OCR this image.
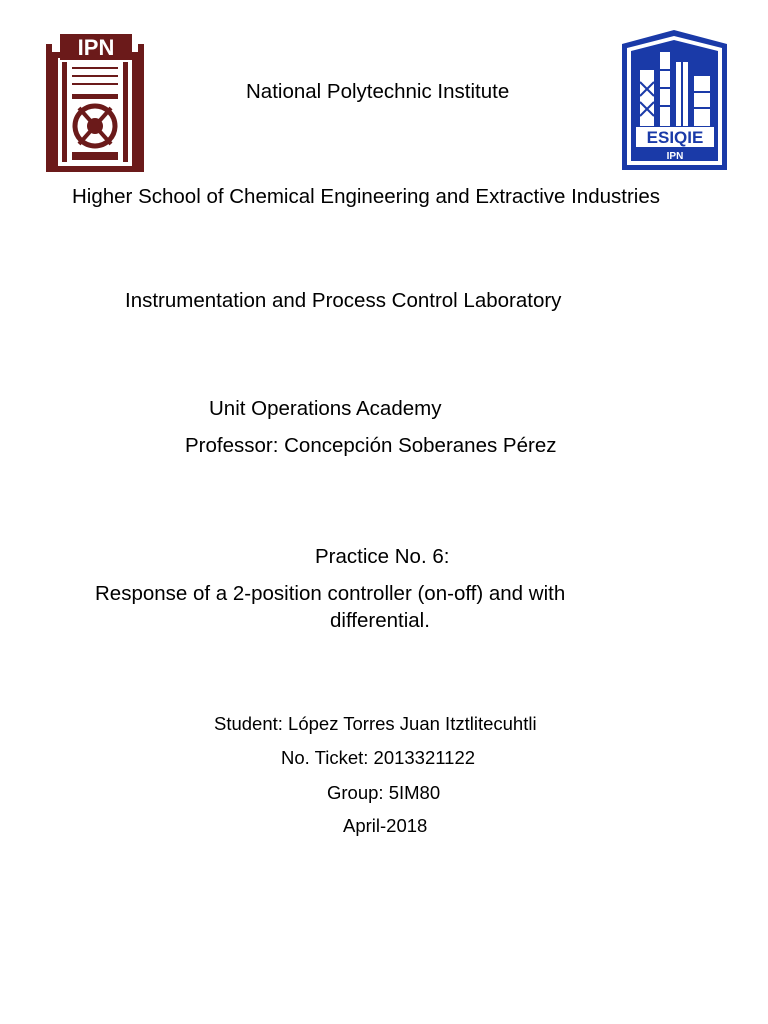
IPN
ESIQIE
IPN
National Polytechnic Institute
Higher School of Chemical Engineering and Extractive Industries
Instrumentation and Process Control Laboratory
Unit Operations Academy
Professor: Concepción Soberanes Pérez
Practice No. 6:
Response of a 2-position controller (on-off) and with
differential.
Student: López Torres Juan Itztlitecuhtli
No. Ticket: 2013321122
Group: 5IM80
April-2018
